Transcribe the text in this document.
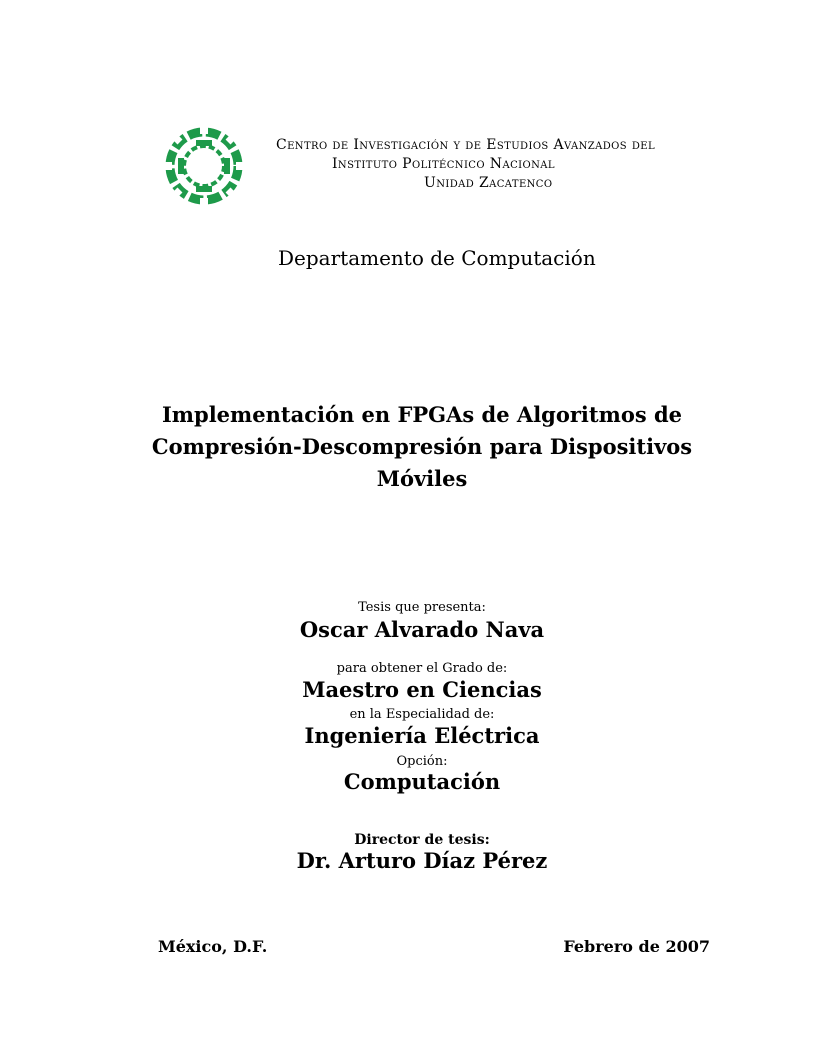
Centro de Investigación y de Estudios Avanzados del
Instituto Politécnico Nacional
Unidad Zacatenco
Departamento de Computación
Implementación en FPGAs de Algoritmos de
Compresión-Descompresión para Dispositivos
Móviles
Tesis que presenta:
Oscar Alvarado Nava
para obtener el Grado de:
Maestro en Ciencias
en la Especialidad de:
Ingeniería Eléctrica
Opción:
Computación
Director de tesis:
Dr. Arturo Díaz Pérez
México, D.F.	Febrero de 2007
